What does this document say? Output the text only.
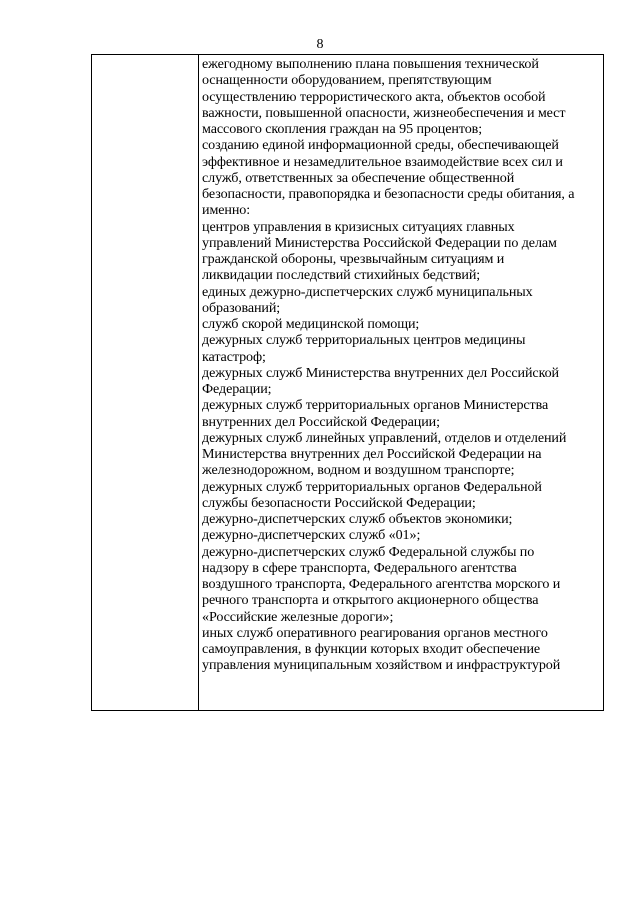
8
ежегодному выполнению плана повышения технической
оснащенности оборудованием, препятствующим
осуществлению террористического акта, объектов особой
важности, повышенной опасности, жизнеобеспечения и мест
массового скопления граждан на 95 процентов;
созданию единой информационной среды, обеспечивающей
эффективное и незамедлительное взаимодействие всех сил и
служб, ответственных за обеспечение общественной
безопасности, правопорядка и безопасности среды обитания, а
именно:
центров управления в кризисных ситуациях главных
управлений Министерства Российской Федерации по делам
гражданской обороны, чрезвычайным ситуациям и
ликвидации последствий стихийных бедствий;
единых дежурно-диспетчерских служб муниципальных
образований;
служб скорой медицинской помощи;
дежурных служб территориальных центров медицины
катастроф;
дежурных служб Министерства внутренних дел Российской
Федерации;
дежурных служб территориальных органов Министерства
внутренних дел Российской Федерации;
дежурных служб линейных управлений, отделов и отделений
Министерства внутренних дел Российской Федерации на
железнодорожном, водном и воздушном транспорте;
дежурных служб территориальных органов Федеральной
службы безопасности Российской Федерации;
дежурно-диспетчерских служб объектов экономики;
дежурно-диспетчерских служб «01»;
дежурно-диспетчерских служб Федеральной службы по
надзору в сфере транспорта, Федерального агентства
воздушного транспорта, Федерального агентства морского и
речного транспорта и открытого акционерного общества
«Российские железные дороги»;
иных служб оперативного реагирования органов местного
самоуправления, в функции которых входит обеспечение
управления муниципальным хозяйством и инфраструктурой
